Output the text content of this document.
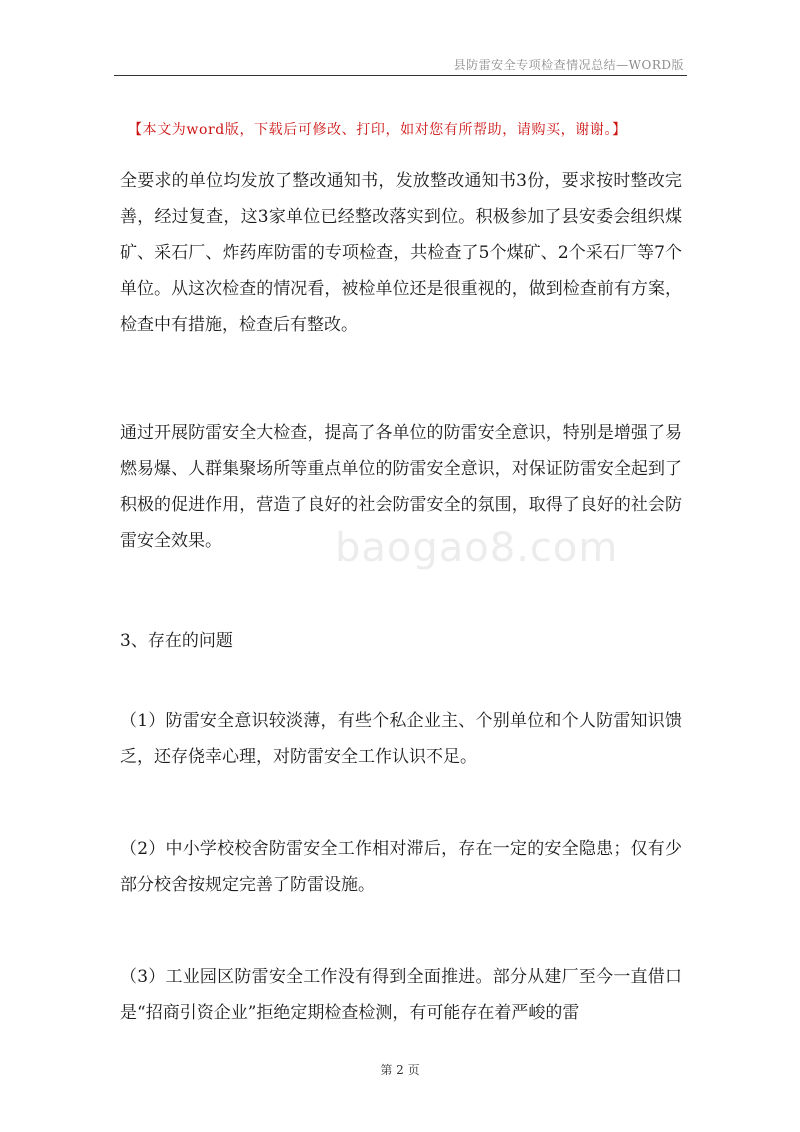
县防雷安全专项检查情况总结—WORD版
【本文为word版，下载后可修改、打印，如对您有所帮助，请购买，谢谢。】
baogao8.com

全要求的单位均发放了整改通知书，发放整改通知书3份，要求按时整改完善，经过复查，这3家单位已经整改落实到位。积极参加了县安委会组织煤矿、采石厂、炸药库防雷的专项检查，共检查了5个煤矿、2个采石厂等7个单位。从这次检查的情况看，被检单位还是很重视的，做到检查前有方案，检查中有措施，检查后有整改。

通过开展防雷安全大检查，提高了各单位的防雷安全意识，特别是增强了易燃易爆、人群集聚场所等重点单位的防雷安全意识，对保证防雷安全起到了积极的促进作用，营造了良好的社会防雷安全的氛围，取得了良好的社会防雷安全效果。

3、存在的问题

（1）防雷安全意识较淡薄，有些个私企业主、个别单位和个人防雷知识馈乏，还存侥幸心理，对防雷安全工作认识不足。

（2）中小学校校舍防雷安全工作相对滞后，存在一定的安全隐患；仅有少部分校舍按规定完善了防雷设施。

（3）工业园区防雷安全工作没有得到全面推进。部分从建厂至今一直借口是“招商引资企业”拒绝定期检查检测，有可能存在着严峻的雷

第 2 页
